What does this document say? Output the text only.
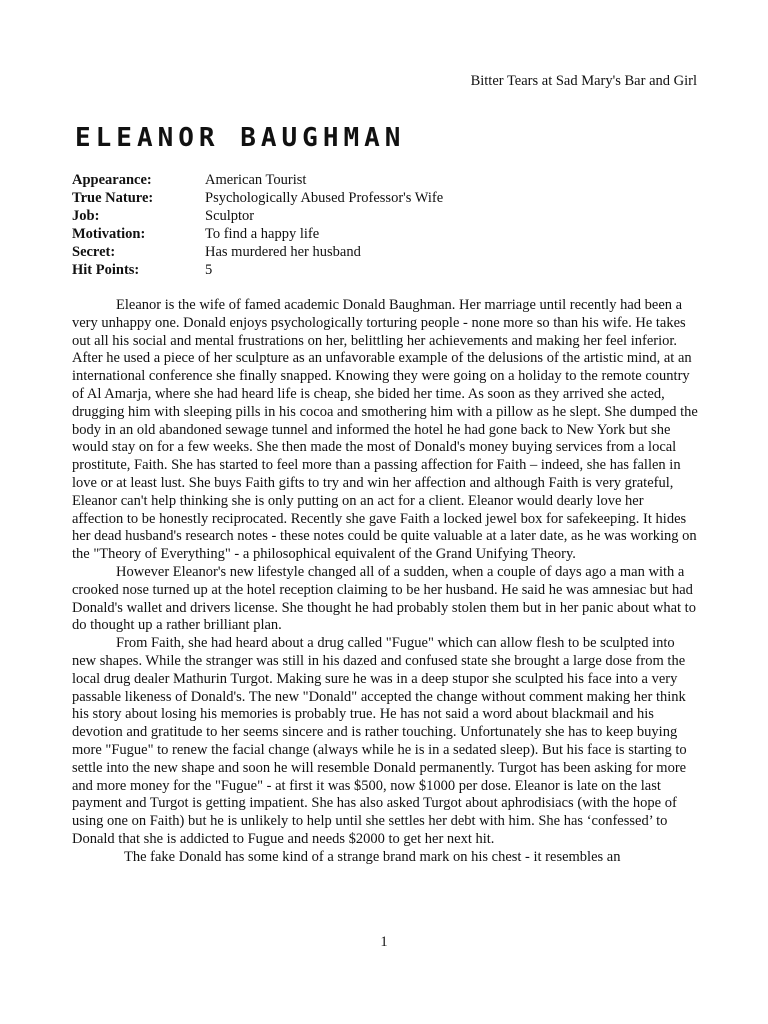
Bitter Tears at Sad Mary's Bar and Girl
ELEANOR BAUGHMAN
Appearance:	American Tourist
True Nature:	Psychologically Abused Professor's Wife
Job:	Sculptor
Motivation:	To find a happy life
Secret:	Has murdered her husband
Hit Points:	5

Eleanor is the wife of famed academic Donald Baughman. Her marriage until recently had been a very unhappy one. Donald enjoys psychologically torturing people - none more so than his wife. He takes out all his social and mental frustrations on her, belittling her achievements and making her feel inferior. After he used a piece of her sculpture as an unfavorable example of the delusions of the artistic mind, at an international conference she finally snapped. Knowing they were going on a holiday to the remote country of Al Amarja, where she had heard life is cheap, she bided her time. As soon as they arrived she acted, drugging him with sleeping pills in his cocoa and smothering him with a pillow as he slept. She dumped the body in an old abandoned sewage tunnel and informed the hotel he had gone back to New York but she would stay on for a few weeks. She then made the most of Donald's money buying services from a local prostitute, Faith. She has started to feel more than a passing affection for Faith – indeed, she has fallen in love or at least lust. She buys Faith gifts to try and win her affection and although Faith is very grateful, Eleanor can't help thinking she is only putting on an act for a client. Eleanor would dearly love her affection to be honestly reciprocated. Recently she gave Faith a locked jewel box for safekeeping. It hides her dead husband's research notes - these notes could be quite valuable at a later date, as he was working on the "Theory of Everything" - a philosophical equivalent of the Grand Unifying Theory.

However Eleanor's new lifestyle changed all of a sudden, when a couple of days ago a man with a crooked nose turned up at the hotel reception claiming to be her husband. He said he was amnesiac but had Donald's wallet and drivers license. She thought he had probably stolen them but in her panic about what to do thought up a rather brilliant plan.

From Faith, she had heard about a drug called "Fugue" which can allow flesh to be sculpted into new shapes. While the stranger was still in his dazed and confused state she brought a large dose from the local drug dealer Mathurin Turgot. Making sure he was in a deep stupor she sculpted his face into a very passable likeness of Donald's. The new "Donald" accepted the change without comment making her think his story about losing his memories is probably true. He has not said a word about blackmail and his devotion and gratitude to her seems sincere and is rather touching. Unfortunately she has to keep buying more "Fugue" to renew the facial change (always while he is in a sedated sleep). But his face is starting to settle into the new shape and soon he will resemble Donald permanently. Turgot has been asking for more and more money for the "Fugue" - at first it was $500, now $1000 per dose. Eleanor is late on the last payment and Turgot is getting impatient. She has also asked Turgot about aphrodisiacs (with the hope of using one on Faith) but he is unlikely to help until she settles her debt with him. She has ‘confessed’ to Donald that she is addicted to Fugue and needs $2000 to get her next hit.

The fake Donald has some kind of a strange brand mark on his chest - it resembles an

1
